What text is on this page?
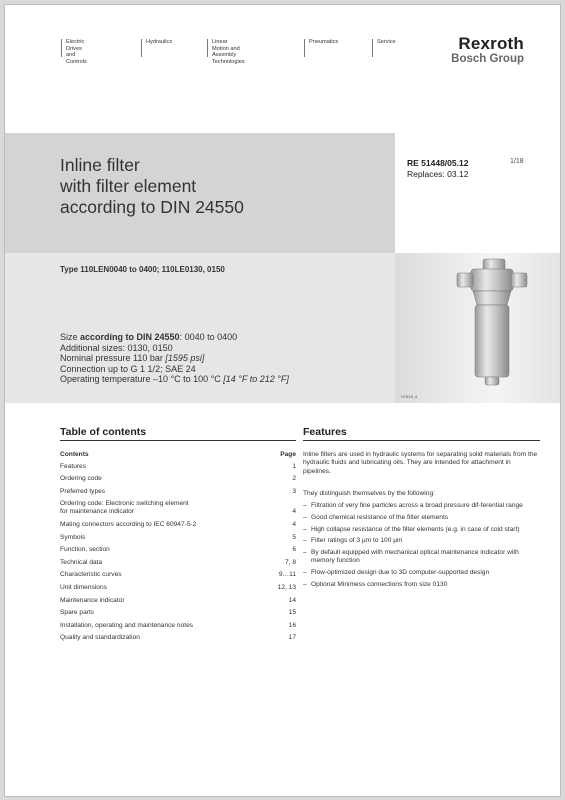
Electric Drives
and Controls
Hydraulics	Linear Motion and
Assembly Technologies
Pneumatics	Service	Rexroth
Bosch Group
Inline filter
with filter element
according to DIN 24550
RE 51448/05.12
Replaces: 03.12
1/18
Type 110LEN0040 to 0400; 110LE0130, 0150
Size according to DIN 24550: 0040 to 0400
Additional sizes: 0130, 0150
Nominal pressure 110 bar [1595 psi]
Connection up to G 1 1/2; SAE 24
Operating temperature –10 °C to 100 °C [14 °F to 212 °F]
H7619_d
Table of contents
Contents	Page
Features	1
Ordering code	2
Preferred types	3
Ordering code: Electronic switching element
for maintenance indicator	4
Mating connectors according to IEC 60947-5-2	4
Symbols	5
Function, section	6
Technical data	7, 8
Characteristic curves	9…11
Unit dimensions	12, 13
Maintenance indicator	14
Spare parts	15
Installation, operating and maintenance notes	16
Quality and standardization	17
Features

Inline filters are used in hydraulic systems for separating solid materials from the hydraulic fluids and lubricating oils. They are intended for attachment in pipelines.

They distinguish themselves by the following:
– Filtration of very fine particles across a broad pressure dif-ferential range
– Good chemical resistance of the filter elements
– High collapse resistance of the filter elements (e.g. in case of cold start)
– Filter ratings of 3 µm to 100 µm
– By default equipped with mechanical optical maintenance indicator with memory function
– Flow-optimized design due to 3D computer-supported design
– Optional Minimess connections from size 0130
